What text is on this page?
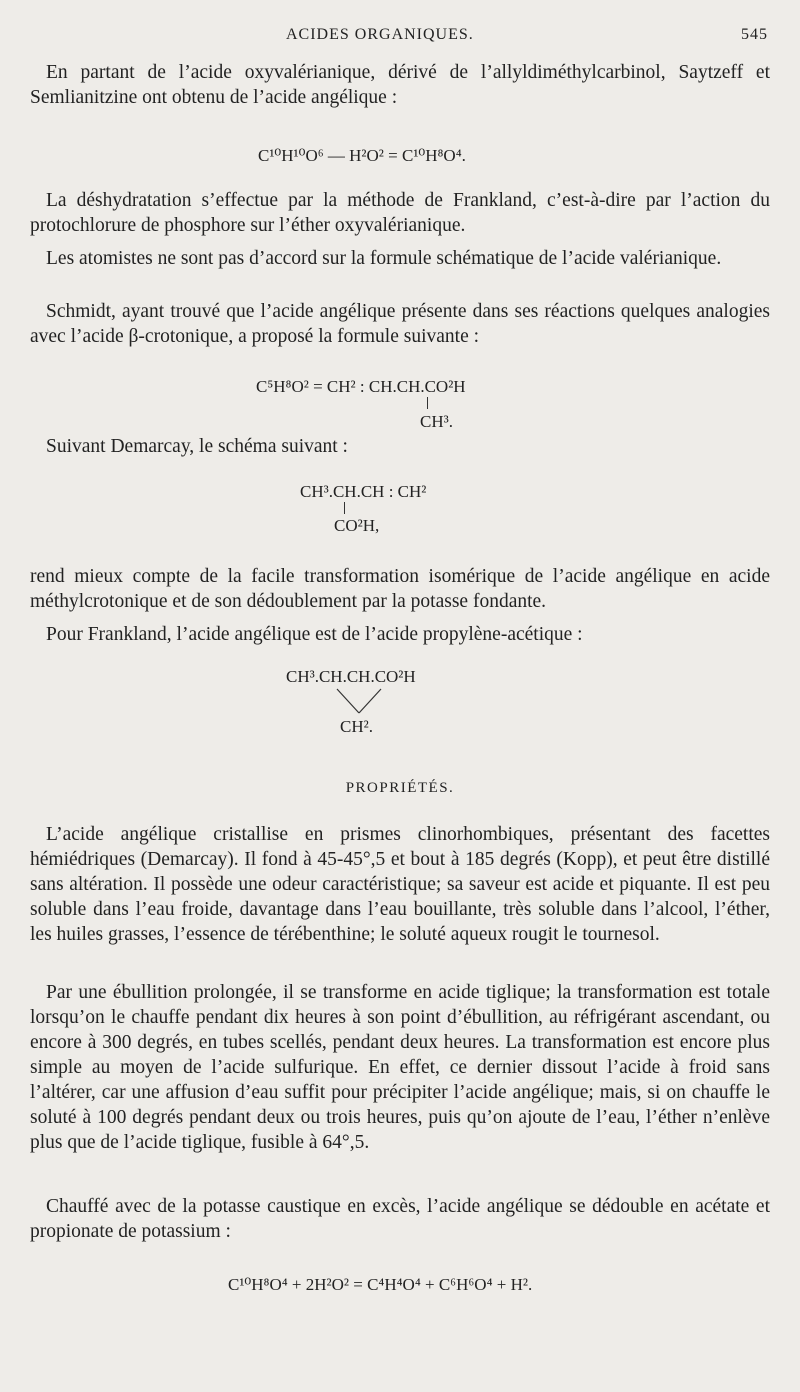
ACIDES ORGANIQUES.	545

En partant de l’acide oxyvalérianique, dérivé de l’allyldiméthylcarbinol, Saytzeff et Semlianitzine ont obtenu de l’acide angélique :

C¹⁰H¹⁰O⁶ — H²O² = C¹⁰H⁸O⁴.

La déshydratation s’effectue par la méthode de Frankland, c’est-à-dire par l’action du protochlorure de phosphore sur l’éther oxyvalérianique.

Les atomistes ne sont pas d’accord sur la formule schématique de l’acide valérianique.

Schmidt, ayant trouvé que l’acide angélique présente dans ses réactions quelques analogies avec l’acide β-crotonique, a proposé la formule suivante :

C⁵H⁸O² = CH² : CH.CH.CO²H
CH³.

Suivant Demarcay, le schéma suivant :

CH³.CH.CH : CH²
CO²H,

rend mieux compte de la facile transformation isomérique de l’acide angélique en acide méthylcrotonique et de son dédoublement par la potasse fondante.

Pour Frankland, l’acide angélique est de l’acide propylène-acétique :

CH³.CH.CH.CO²H
CH².
PROPRIÉTÉS.

L’acide angélique cristallise en prismes clinorhombiques, présentant des facettes hémiédriques (Demarcay). Il fond à 45-45°,5 et bout à 185 degrés (Kopp), et peut être distillé sans altération. Il possède une odeur caractéristique; sa saveur est acide et piquante. Il est peu soluble dans l’eau froide, davantage dans l’eau bouillante, très soluble dans l’alcool, l’éther, les huiles grasses, l’essence de térébenthine; le soluté aqueux rougit le tournesol.

Par une ébullition prolongée, il se transforme en acide tiglique; la transformation est totale lorsqu’on le chauffe pendant dix heures à son point d’ébullition, au réfrigérant ascendant, ou encore à 300 degrés, en tubes scellés, pendant deux heures. La transformation est encore plus simple au moyen de l’acide sulfurique. En effet, ce dernier dissout l’acide à froid sans l’altérer, car une affusion d’eau suffit pour précipiter l’acide angélique; mais, si on chauffe le soluté à 100 degrés pendant deux ou trois heures, puis qu’on ajoute de l’eau, l’éther n’enlève plus que de l’acide tiglique, fusible à 64°,5.

Chauffé avec de la potasse caustique en excès, l’acide angélique se dédouble en acétate et propionate de potassium :

C¹⁰H⁸O⁴ + 2H²O² = C⁴H⁴O⁴ + C⁶H⁶O⁴ + H².
